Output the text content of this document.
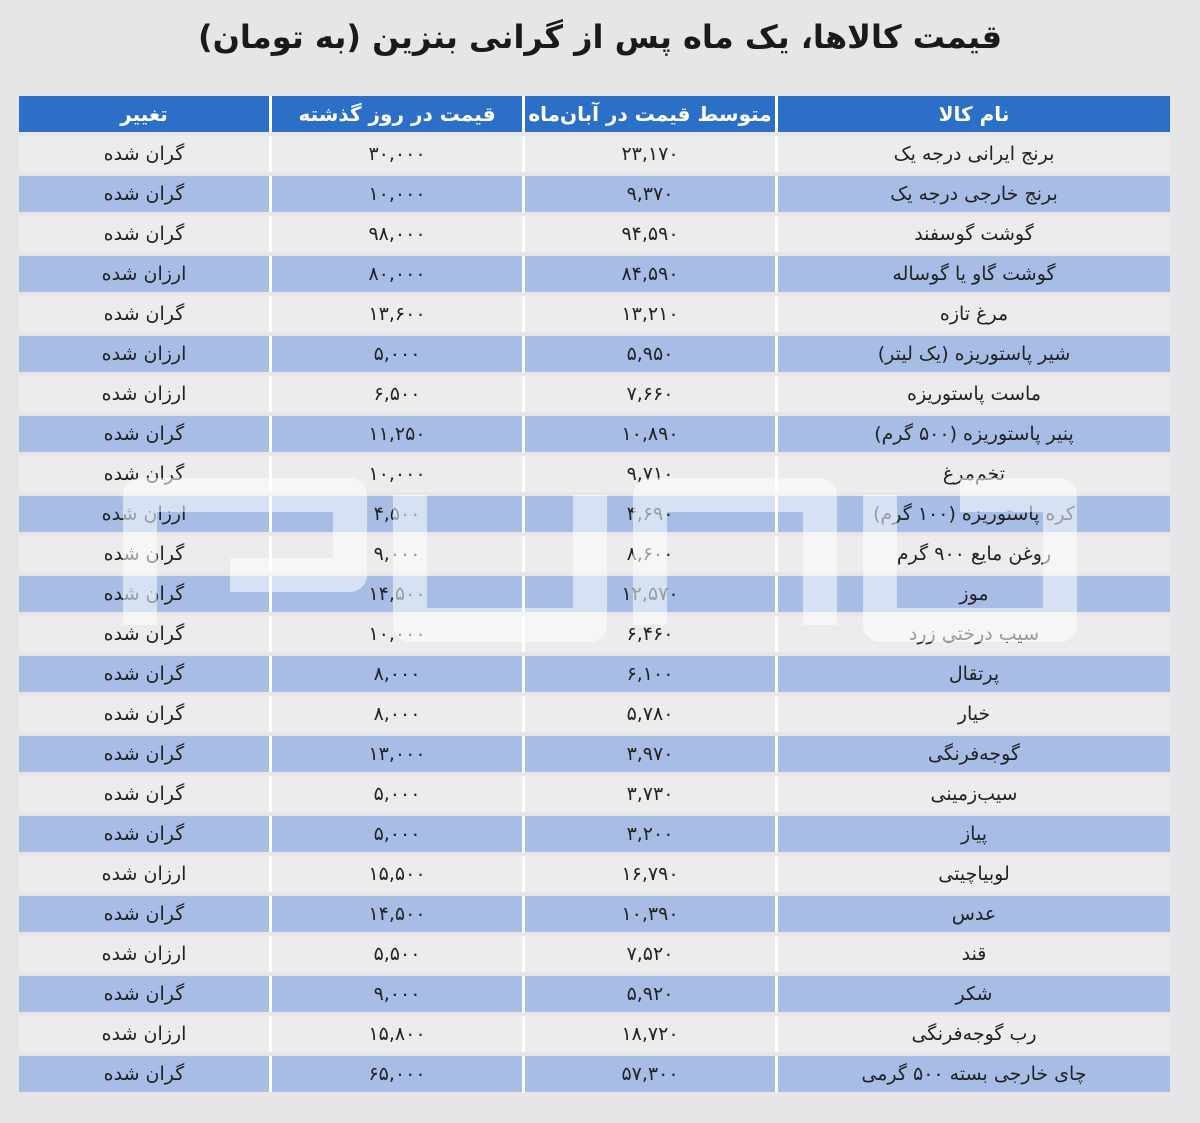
قیمت کالاها، یک ماه پس از گرانی بنزین (به تومان)
نام کالا	متوسط قیمت در آبان‌ماه	قیمت در روز گذشته	تغییر
برنج ایرانی درجه یک	۲۳,۱۷۰	۳۰,۰۰۰	گران شده
برنج خارجی درجه یک	۹,۳۷۰	۱۰,۰۰۰	گران شده
گوشت گوسفند	۹۴,۵۹۰	۹۸,۰۰۰	گران شده
گوشت گاو یا گوساله	۸۴,۵۹۰	۸۰,۰۰۰	ارزان شده
مرغ تازه	۱۳,۲۱۰	۱۳,۶۰۰	گران شده
شیر پاستوریزه (یک لیتر)	۵,۹۵۰	۵,۰۰۰	ارزان شده
ماست پاستوریزه	۷,۶۶۰	۶,۵۰۰	ارزان شده
پنیر پاستوریزه (۵۰۰ گرم)	۱۰,۸۹۰	۱۱,۲۵۰	گران شده
تخم‌مرغ	۹,۷۱۰	۱۰,۰۰۰	گران شده
کره پاستوریزه (۱۰۰ گرم)	۴,۶۹۰	۴,۵۰۰	ارزان شده
روغن مایع ۹۰۰ گرم	۸,۶۰۰	۹,۰۰۰	گران شده
موز	۱۲,۵۷۰	۱۴,۵۰۰	گران شده
سیب درختی زرد	۶,۴۶۰	۱۰,۰۰۰	گران شده
پرتقال	۶,۱۰۰	۸,۰۰۰	گران شده
خیار	۵,۷۸۰	۸,۰۰۰	گران شده
گوجه‌فرنگی	۳,۹۷۰	۱۳,۰۰۰	گران شده
سیب‌زمینی	۳,۷۳۰	۵,۰۰۰	گران شده
پیاز	۳,۲۰۰	۵,۰۰۰	گران شده
لوبیاچیتی	۱۶,۷۹۰	۱۵,۵۰۰	ارزان شده
عدس	۱۰,۳۹۰	۱۴,۵۰۰	گران شده
قند	۷,۵۲۰	۵,۵۰۰	ارزان شده
شکر	۵,۹۲۰	۹,۰۰۰	گران شده
رب گوجه‌فرنگی	۱۸,۷۲۰	۱۵,۸۰۰	ارزان شده
چای خارجی بسته ۵۰۰ گرمی	۵۷,۳۰۰	۶۵,۰۰۰	گران شده
